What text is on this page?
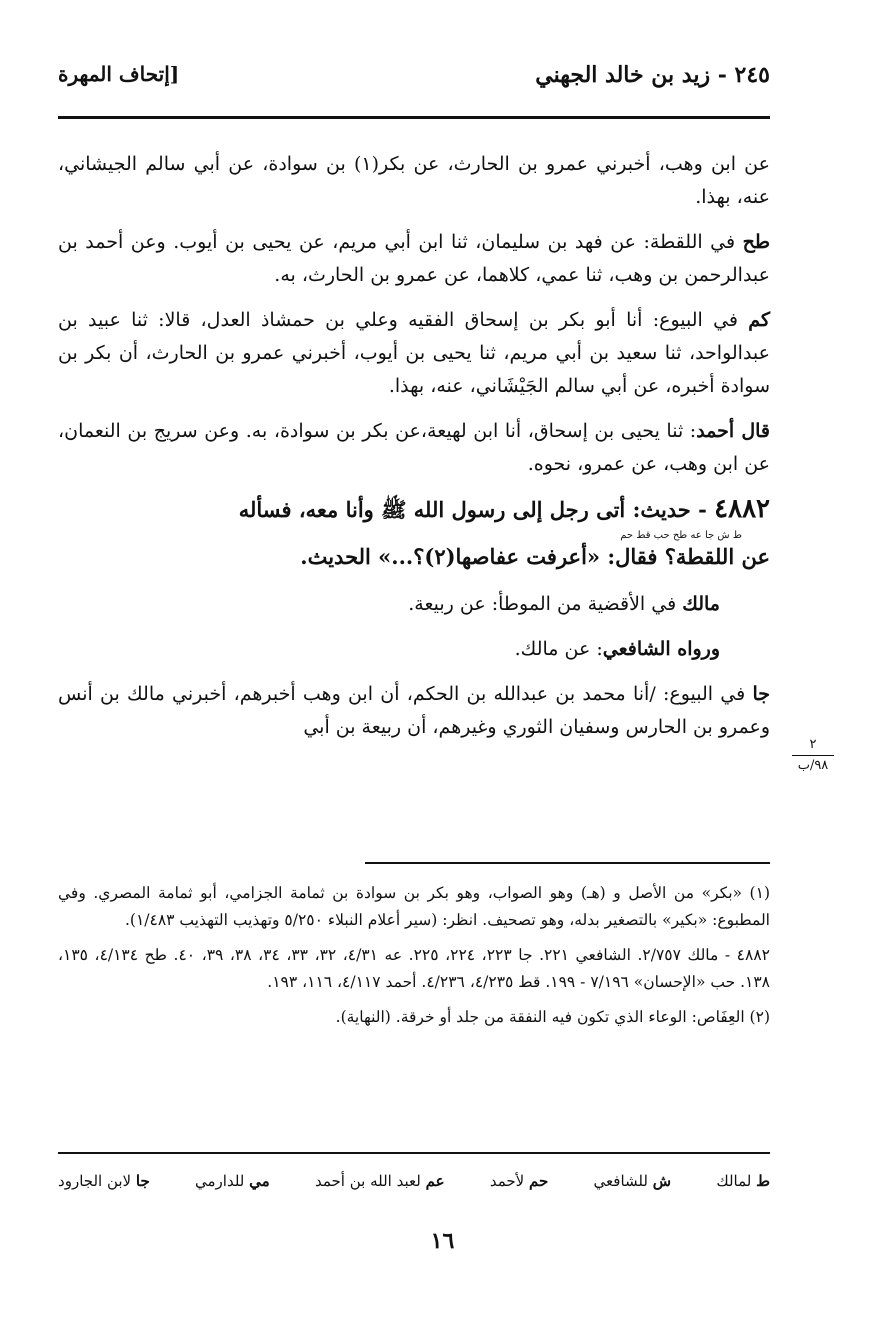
٢٤٥ - زيد بن خالد الجهني
[إتحاف المهرة

عن ابن وهب، أخبرني عمرو بن الحارث، عن بكر(١) بن سوادة، عن أبي سالم الجيشاني، عنه، بهذا.

طح في اللقطة: عن فهد بن سليمان، ثنا ابن أبي مريم، عن يحيى بن أيوب. وعن أحمد بن عبدالرحمن بن وهب، ثنا عمي، كلاهما، عن عمرو بن الحارث، به.

كم في البيوع: أنا أبو بكر بن إسحاق الفقيه وعلي بن حمشاذ العدل، قالا: ثنا عبيد بن عبدالواحد، ثنا سعيد بن أبي مريم، ثنا يحيى بن أيوب، أخبرني عمرو بن الحارث، أن بكر بن سوادة أخبره، عن أبي سالم الجَيْشَاني، عنه، بهذا.

قال أحمد: ثنا يحيى بن إسحاق، أنا ابن لهيعة،عن بكر بن سوادة، به. وعن سريج بن النعمان، عن ابن وهب، عن عمرو، نحوه.

٤٨٨٢ - حديث: أتى رجل إلى رسول الله ﷺ وأنا معه، فسأله
ط ش جا عه طح حب قط حم
عن اللقطة؟ فقال: «أعرفت عفاصها(٢)؟...» الحديث.

مالك في الأقضية من الموطأ: عن ربيعة.

ورواه الشافعي: عن مالك.

جا في البيوع: /أنا محمد بن عبدالله بن الحكم، أن ابن وهب أخبرهم، أخبرني مالك بن أنس وعمرو بن الحارس وسفيان الثوري وغيرهم، أن ربيعة بن أبي

٢
٩٨/ب

(١) «بكر» من الأصل و (هـ) وهو الصواب، وهو بكر بن سوادة بن ثمامة الجزامي، أبو ثمامة المصري. وفي المطبوع: «بكير» بالتصغير بدله، وهو تصحيف. انظر: (سير أعلام النبلاء ٥/٢٥٠ وتهذيب التهذيب ١/٤٨٣).

٤٨٨٢ - مالك ٢/٧٥٧. الشافعي ٢٢١. جا ٢٢٣، ٢٢٤، ٢٢٥. عه ٤/٣١، ٣٢، ٣٣، ٣٤، ٣٨، ٣٩، ٤٠. طح ٤/١٣٤، ١٣٥، ١٣٨. حب «الإحسان» ٧/١٩٦ - ١٩٩. قط ٤/٢٣٥، ٤/٢٣٦. أحمد ٤/١١٧، ١١٦، ١٩٣.

(٢) العِفَاص: الوعاء الذي تكون فيه النفقة من جلد أو خرقة. (النهاية).

ط لمالك
ش للشافعي
حم لأحمد
عم لعبد الله بن أحمد
مي للدارمي
جا لابن الجارود
١٦
